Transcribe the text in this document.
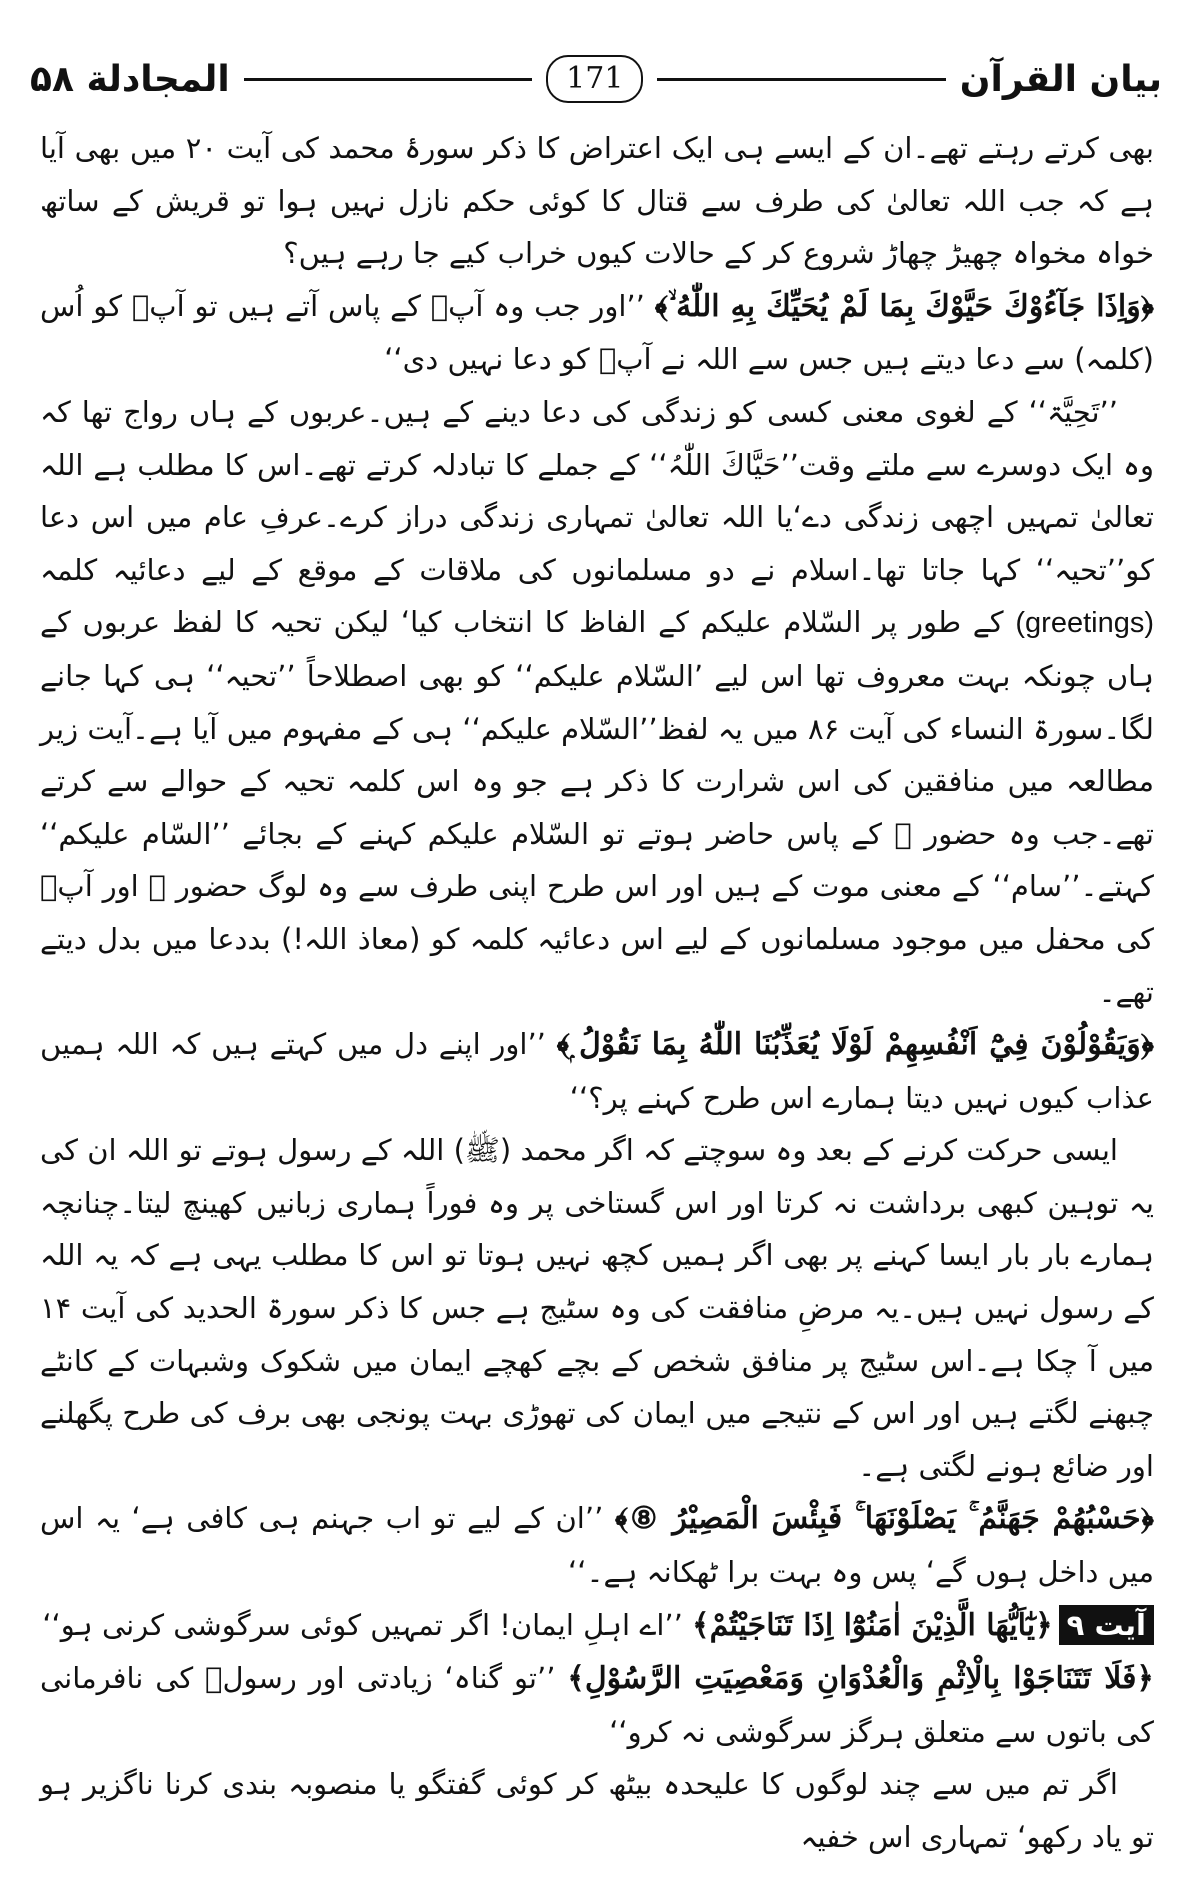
بیان القرآن
171
المجادلة ۵۸

بھی کرتے رہتے تھے۔ان کے ایسے ہی ایک اعتراض کا ذکر سورۂ محمد کی آیت ۲۰ میں بھی آیا ہے کہ جب اللہ تعالیٰ کی طرف سے قتال کا کوئی حکم نازل نہیں ہوا تو قریش کے ساتھ خواہ مخواہ چھیڑ چھاڑ شروع کر کے حالات کیوں خراب کیے جا رہے ہیں؟

﴿وَاِذَا جَآءُوْكَ حَيَّوْكَ بِمَا لَمْ يُحَيِّكَ بِهِ اللّٰهُ ۙ﴾ ’’اور جب وہ آپؐ کے پاس آتے ہیں تو آپؐ کو اُس (کلمہ) سے دعا دیتے ہیں جس سے اللہ نے آپؐ کو دعا نہیں دی‘‘

’’تَحِیَّۃ‘‘ کے لغوی معنی کسی کو زندگی کی دعا دینے کے ہیں۔عربوں کے ہاں رواج تھا کہ وہ ایک دوسرے سے ملتے وقت’’حَیَّاكَ اللّٰہُ‘‘ کے جملے کا تبادلہ کرتے تھے۔اس کا مطلب ہے اللہ تعالیٰ تمہیں اچھی زندگی دے‘یا اللہ تعالیٰ تمہاری زندگی دراز کرے۔عرفِ عام میں اس دعا کو’’تحیہ‘‘ کہا جاتا تھا۔اسلام نے دو مسلمانوں کی ملاقات کے موقع کے لیے دعائیہ کلمہ (greetings) کے طور پر السّلام علیکم کے الفاظ کا انتخاب کیا‘ لیکن تحیہ کا لفظ عربوں کے ہاں چونکہ بہت معروف تھا اس لیے ’السّلام علیکم‘‘ کو بھی اصطلاحاً ’’تحیہ‘‘ ہی کہا جانے لگا۔سورۃ النساء کی آیت ۸۶ میں یہ لفظ’’السّلام علیکم‘‘ ہی کے مفہوم میں آیا ہے۔آیت زیر مطالعہ میں منافقین کی اس شرارت کا ذکر ہے جو وہ اس کلمہ تحیہ کے حوالے سے کرتے تھے۔جب وہ حضور ﷺ کے پاس حاضر ہوتے تو السّلام علیکم کہنے کے بجائے ’’السّام علیکم‘‘ کہتے۔’’سام‘‘ کے معنی موت کے ہیں اور اس طرح اپنی طرف سے وہ لوگ حضور ﷺ اور آپؐ کی محفل میں موجود مسلمانوں کے لیے اس دعائیہ کلمہ کو (معاذ اللہ!) بددعا میں بدل دیتے تھے۔

﴿وَيَقُوْلُوْنَ فِيْٓ اَنْفُسِهِمْ لَوْلَا يُعَذِّبُنَا اللّٰهُ بِمَا نَقُوْلُ ۭ﴾ ’’اور اپنے دل میں کہتے ہیں کہ اللہ ہمیں عذاب کیوں نہیں دیتا ہمارے اس طرح کہنے پر؟‘‘

ایسی حرکت کرنے کے بعد وہ سوچتے کہ اگر محمد (ﷺ) اللہ کے رسول ہوتے تو اللہ ان کی یہ توہین کبھی برداشت نہ کرتا اور اس گستاخی پر وہ فوراً ہماری زبانیں کھینچ لیتا۔چنانچہ ہمارے بار بار ایسا کہنے پر بھی اگر ہمیں کچھ نہیں ہوتا تو اس کا مطلب یہی ہے کہ یہ اللہ کے رسول نہیں ہیں۔یہ مرضِ منافقت کی وہ سٹیج ہے جس کا ذکر سورۃ الحدید کی آیت ۱۴ میں آ چکا ہے۔اس سٹیج پر منافق شخص کے بچے کھچے ایمان میں شکوک وشبہات کے کانٹے چبھنے لگتے ہیں اور اس کے نتیجے میں ایمان کی تھوڑی بہت پونجی بھی برف کی طرح پگھلنے اور ضائع ہونے لگتی ہے۔

﴿حَسْبُهُمْ جَهَنَّمُ ۚ يَصْلَوْنَهَا ۚ فَبِئْسَ الْمَصِيْرُ ⑧﴾ ’’ان کے لیے تو اب جہنم ہی کافی ہے‘ یہ اس میں داخل ہوں گے‘ پس وہ بہت برا ٹھکانہ ہے۔‘‘

آیت ۹﴿يٰٓاَيُّهَا الَّذِيْنَ اٰمَنُوْٓا اِذَا تَنَاجَيْتُمْ﴾ ’’اے اہلِ ایمان! اگر تمہیں کوئی سرگوشی کرنی ہو‘‘

﴿فَلَا تَتَنَاجَوْا بِالْاِثْمِ وَالْعُدْوَانِ وَمَعْصِيَتِ الرَّسُوْلِ﴾ ’’تو گناہ‘ زیادتی اور رسولؐ کی نافرمانی کی باتوں سے متعلق ہرگز سرگوشی نہ کرو‘‘

اگر تم میں سے چند لوگوں کا علیحدہ بیٹھ کر کوئی گفتگو یا منصوبہ بندی کرنا ناگزیر ہو تو یاد رکھو‘ تمہاری اس خفیہ
